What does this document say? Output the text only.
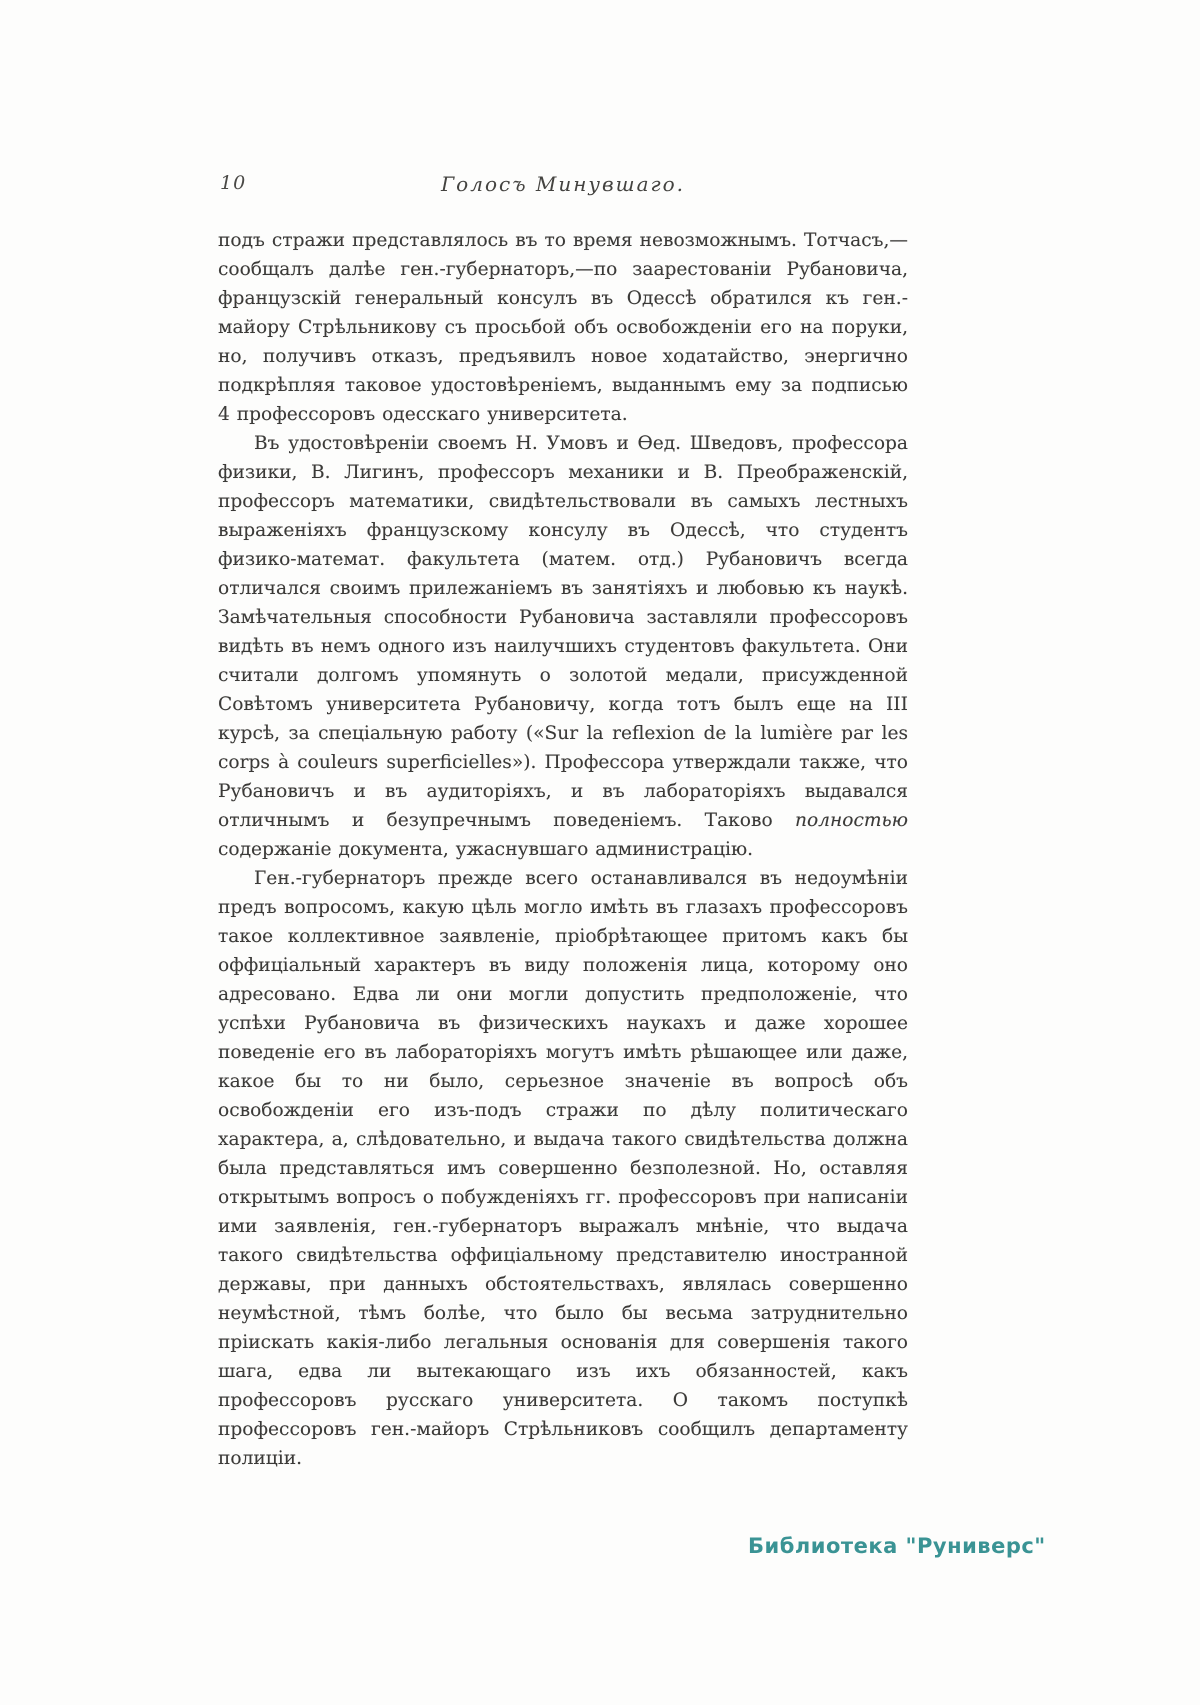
10	Голосъ Минувшаго.

подъ стражи представлялось въ то время невозможнымъ. Тотчасъ,—сообщалъ далѣе ген.-губернаторъ,—по заарестованіи Рубановича, французскій генеральный консулъ въ Одессѣ обратился къ ген.-майору Стрѣльникову съ просьбой объ освобожденіи его на поруки, но, получивъ отказъ, предъявилъ новое ходатайство, энергично подкрѣпляя таковое удостовѣреніемъ, выданнымъ ему за подписью 4 профессоровъ одесскаго университета.

Въ удостовѣреніи своемъ Н. Умовъ и Ѳед. Шведовъ, профессора физики, В. Лигинъ, профессоръ механики и В. Преображенскій, профессоръ математики, свидѣтельствовали въ самыхъ лестныхъ выраженіяхъ французскому консулу въ Одессѣ, что студентъ физико-математ. факультета (матем. отд.) Рубановичъ всегда отличался своимъ прилежаніемъ въ занятіяхъ и любовью къ наукѣ. Замѣчательныя способности Рубановича заставляли профессоровъ видѣть въ немъ одного изъ наилучшихъ студентовъ факультета. Они считали долгомъ упомянуть о золотой медали, присужденной Совѣтомъ университета Рубановичу, когда тотъ былъ еще на III курсѣ, за спеціальную работу («Sur la reflexion de la lumière par les corps à couleurs superficielles»). Профессора утверждали также, что Рубановичъ и въ аудиторіяхъ, и въ лабораторіяхъ выдавался отличнымъ и безупречнымъ поведеніемъ. Таково полностью содержаніе документа, ужаснувшаго администрацію.

Ген.-губернаторъ прежде всего останавливался въ недоумѣніи предъ вопросомъ, какую цѣль могло имѣть въ глазахъ профессоровъ такое коллективное заявленіе, пріобрѣтающее притомъ какъ бы оффиціальный характеръ въ виду положенія лица, которому оно адресовано. Едва ли они могли допустить предположеніе, что успѣхи Рубановича въ физическихъ наукахъ и даже хорошее поведеніе его въ лабораторіяхъ могутъ имѣть рѣшающее или даже, какое бы то ни было, серьезное значеніе въ вопросѣ объ освобожденіи его изъ-подъ стражи по дѣлу политическаго характера, а, слѣдовательно, и выдача такого свидѣтельства должна была представляться имъ совершенно безполезной. Но, оставляя открытымъ вопросъ о побужденіяхъ гг. профессоровъ при написаніи ими заявленія, ген.-губернаторъ выражалъ мнѣніе, что выдача такого свидѣтельства оффиціальному представителю иностранной державы, при данныхъ обстоятельствахъ, являлась совершенно неумѣстной, тѣмъ болѣе, что было бы весьма затруднительно пріискать какія-либо легальныя основанія для совершенія такого шага, едва ли вытекающаго изъ ихъ обязанностей, какъ профессоровъ русскаго университета. О такомъ поступкѣ профессоровъ ген.-майоръ Стрѣльниковъ сообщилъ департаменту полиціи.

Библиотека "Руниверс"
